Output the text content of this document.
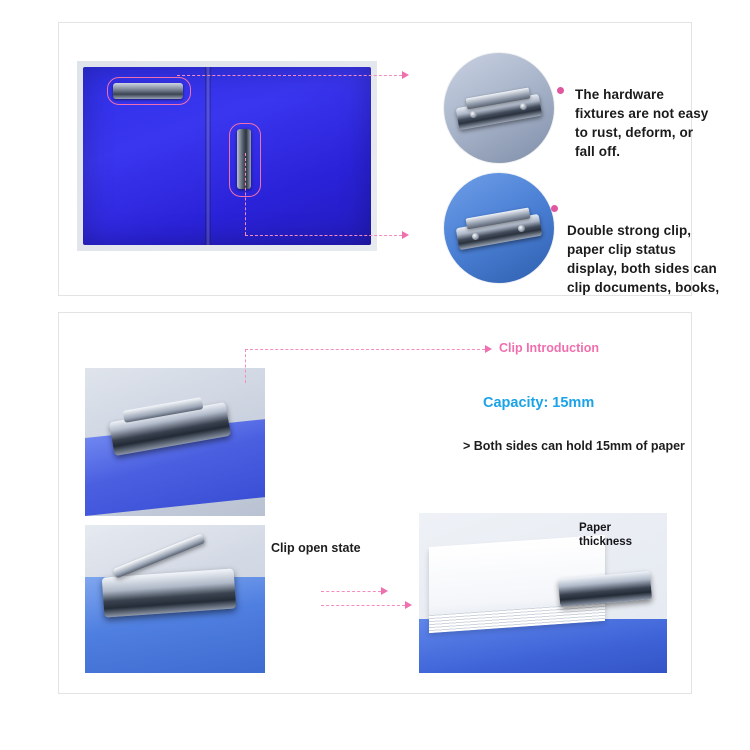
The hardware fixtures are not easy to rust, deform, or fall off.
Double strong clip, paper clip status display, both sides can clip documents, books,
Clip Introduction
Capacity: 15mm
> Both sides can hold 15mm of paper
Clip open state
Paper thickness
